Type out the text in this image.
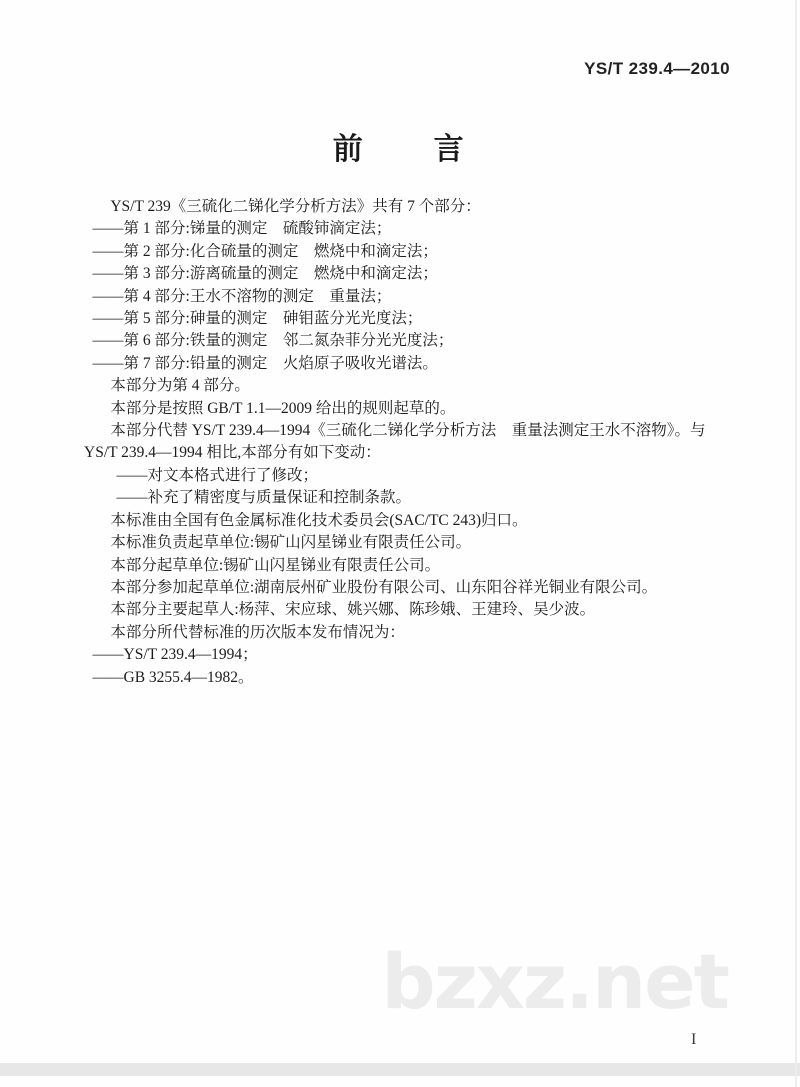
YS/T 239.4—2010
前　　言

YS/T 239《三硫化二锑化学分析方法》共有 7 个部分：

——第 1 部分:锑量的测定　硫酸铈滴定法；

——第 2 部分:化合硫量的测定　燃烧中和滴定法；

——第 3 部分:游离硫量的测定　燃烧中和滴定法；

——第 4 部分:王水不溶物的测定　重量法；

——第 5 部分:砷量的测定　砷钼蓝分光光度法；

——第 6 部分:铁量的测定　邻二氮杂菲分光光度法；

——第 7 部分:铅量的测定　火焰原子吸收光谱法。

本部分为第 4 部分。

本部分是按照 GB/T 1.1—2009 给出的规则起草的。

本部分代替 YS/T 239.4—1994《三硫化二锑化学分析方法　重量法测定王水不溶物》。与

YS/T 239.4—1994 相比,本部分有如下变动：

——对文本格式进行了修改；

——补充了精密度与质量保证和控制条款。

本标准由全国有色金属标准化技术委员会(SAC/TC 243)归口。

本标准负责起草单位:锡矿山闪星锑业有限责任公司。

本部分起草单位:锡矿山闪星锑业有限责任公司。

本部分参加起草单位:湖南辰州矿业股份有限公司、山东阳谷祥光铜业有限公司。

本部分主要起草人:杨萍、宋应球、姚兴娜、陈珍娥、王建玲、吴少波。

本部分所代替标准的历次版本发布情况为：

——YS/T 239.4—1994；

——GB 3255.4—1982。

bzxz.net
I
